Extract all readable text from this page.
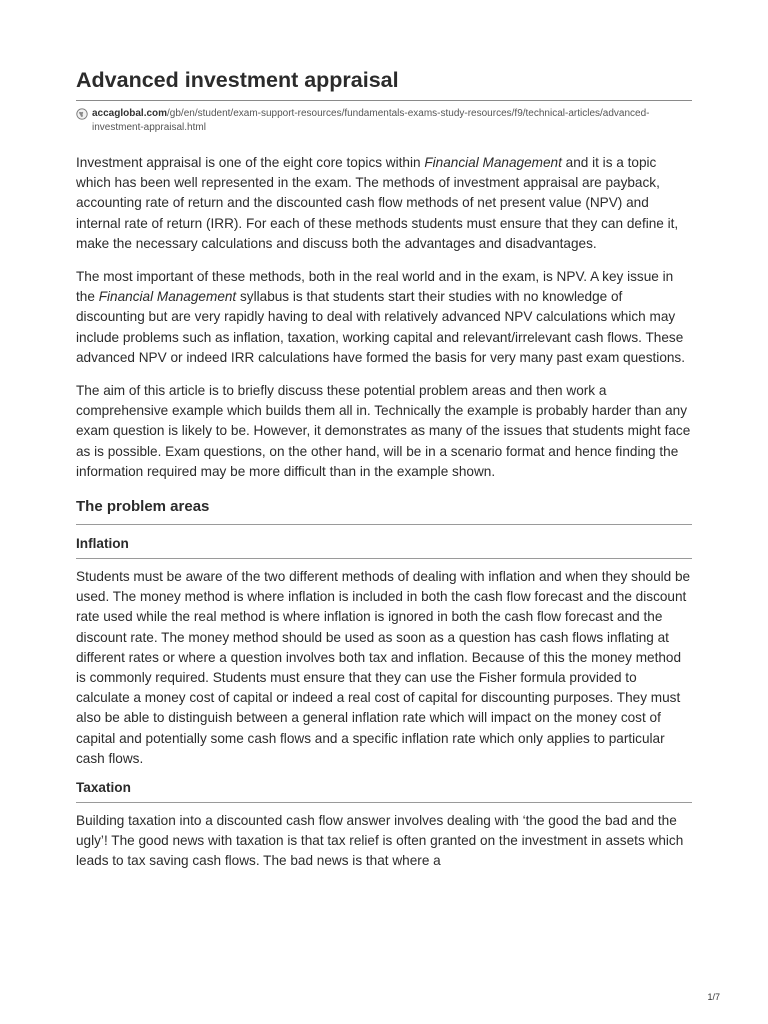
Advanced investment appraisal
accaglobal.com/gb/en/student/exam-support-resources/fundamentals-exams-study-resources/f9/technical-articles/advanced-investment-appraisal.html

Investment appraisal is one of the eight core topics within Financial Management and it is a topic which has been well represented in the exam. The methods of investment appraisal are payback, accounting rate of return and the discounted cash flow methods of net present value (NPV) and internal rate of return (IRR). For each of these methods students must ensure that they can define it, make the necessary calculations and discuss both the advantages and disadvantages.

The most important of these methods, both in the real world and in the exam, is NPV. A key issue in the Financial Management syllabus is that students start their studies with no knowledge of discounting but are very rapidly having to deal with relatively advanced NPV calculations which may include problems such as inflation, taxation, working capital and relevant/irrelevant cash flows. These advanced NPV or indeed IRR calculations have formed the basis for very many past exam questions.

The aim of this article is to briefly discuss these potential problem areas and then work a comprehensive example which builds them all in. Technically the example is probably harder than any exam question is likely to be. However, it demonstrates as many of the issues that students might face as is possible. Exam questions, on the other hand, will be in a scenario format and hence finding the information required may be more difficult than in the example shown.

The problem areas
Inflation

Students must be aware of the two different methods of dealing with inflation and when they should be used. The money method is where inflation is included in both the cash flow forecast and the discount rate used while the real method is where inflation is ignored in both the cash flow forecast and the discount rate. The money method should be used as soon as a question has cash flows inflating at different rates or where a question involves both tax and inflation. Because of this the money method is commonly required. Students must ensure that they can use the Fisher formula provided to calculate a money cost of capital or indeed a real cost of capital for discounting purposes. They must also be able to distinguish between a general inflation rate which will impact on the money cost of capital and potentially some cash flows and a specific inflation rate which only applies to particular cash flows.

Taxation

Building taxation into a discounted cash flow answer involves dealing with ‘the good the bad and the ugly’! The good news with taxation is that tax relief is often granted on the investment in assets which leads to tax saving cash flows. The bad news is that where a

1/7
